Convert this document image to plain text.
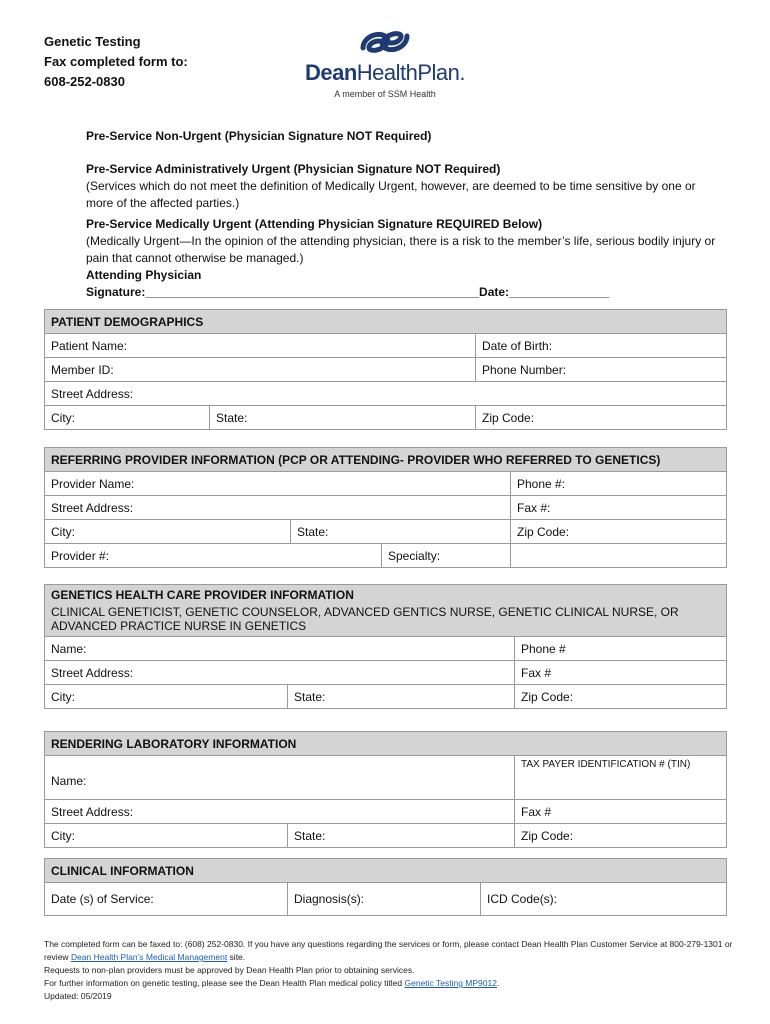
Genetic Testing
Fax completed form to:
608-252-0830	DeanHealthPlan.
A member of SSM Health

Pre-Service Non-Urgent (Physician Signature NOT Required)

Pre-Service Administratively Urgent (Physician Signature NOT Required)

(Services which do not meet the definition of Medically Urgent, however, are deemed to be time sensitive by one or more of the affected parties.)

Pre-Service Medically Urgent (Attending Physician Signature REQUIRED Below)

(Medically Urgent—In the opinion of the attending physician, there is a risk to the member’s life, serious bodily injury or pain that cannot otherwise be managed.)

Attending Physician Signature:__________________________________________________Date:_______________

PATIENT DEMOGRAPHICS		
Patient Name:		Date of Birth:
Member ID:		Phone Number:
Street Address:		
City:	State:	Zip Code:
REFERRING PROVIDER INFORMATION (PCP OR ATTENDING- PROVIDER WHO REFERRED TO GENETICS)			
Provider Name:			Phone #:
Street Address:			Fax #:
City:	State:		Zip Code:
Provider #:		Specialty:	
GENETICS HEALTH CARE PROVIDER INFORMATION
CLINICAL GENETICIST, GENETIC COUNSELOR, ADVANCED GENTICS NURSE, GENETIC CLINICAL NURSE, OR ADVANCED PRACTICE NURSE IN GENETICS		

Name:		Phone #
Street Address:		Fax #
City:	State:	Zip Code:
RENDERING LABORATORY INFORMATION		
Name:		TAX PAYER IDENTIFICATION # (TIN)
Street Address:		Fax #
City:	State:	Zip Code:
CLINICAL INFORMATION
Date (s) of Service:	Diagnosis(s):	ICD Code(s):

The completed form can be faxed to: (608) 252-0830. If you have any questions regarding the services or form, please contact Dean Health Plan Customer Service at 800-279-1301 or review Dean Health Plan’s Medical Management site.

Requests to non-plan providers must be approved by Dean Health Plan prior to obtaining services.

For further information on genetic testing, please see the Dean Health Plan medical policy titled Genetic Testing MP9012.

Updated: 05/2019
